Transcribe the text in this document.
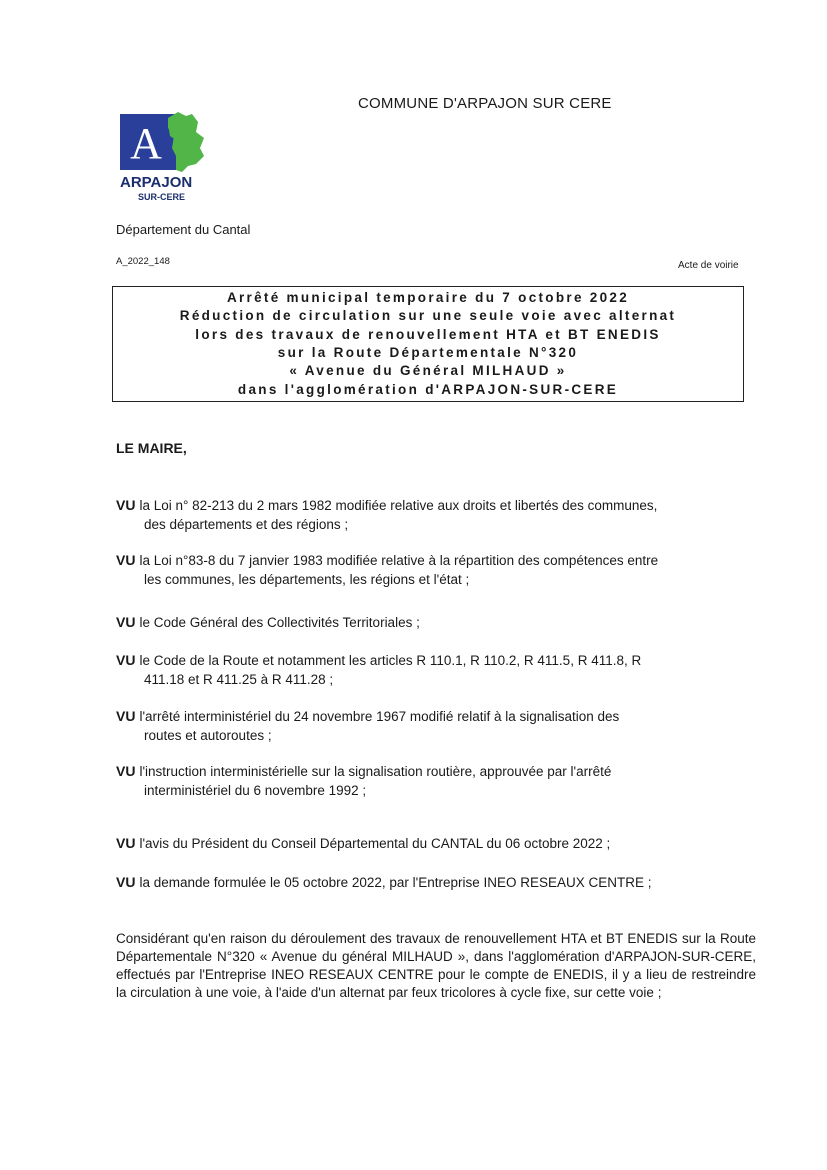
COMMUNE D'ARPAJON SUR CERE
A
ARPAJON
SUR-CERE
Département du Cantal
A_2022_148	Acte de voirie
Arrêté municipal temporaire du 7 octobre 2022
Réduction de circulation sur une seule voie avec alternat
lors des travaux de renouvellement HTA et BT ENEDIS
sur la Route Départementale N°320
« Avenue du Général MILHAUD »
dans l'agglomération d'ARPAJON-SUR-CERE
LE MAIRE,
VU la Loi n° 82-213 du 2 mars 1982 modifiée relative aux droits et libertés des communes,
des départements et des régions ;
VU la Loi n°83-8 du 7 janvier 1983 modifiée relative à la répartition des compétences entre
les communes, les départements, les régions et l'état ;
VU le Code Général des Collectivités Territoriales ;
VU le Code de la Route et notamment les articles R 110.1, R 110.2, R 411.5, R 411.8, R
411.18 et R 411.25 à R 411.28 ;
VU l'arrêté interministériel du 24 novembre 1967 modifié relatif à la signalisation des
routes et autoroutes ;
VU l'instruction interministérielle sur la signalisation routière, approuvée par l'arrêté
interministériel du 6 novembre 1992 ;
VU l'avis du Président du Conseil Départemental du CANTAL du 06 octobre 2022 ;
VU la demande formulée le 05 octobre 2022, par l'Entreprise INEO RESEAUX CENTRE ;
Considérant qu'en raison du déroulement des travaux de renouvellement HTA et BT ENEDIS sur la Route Départementale N°320 « Avenue du général MILHAUD », dans l'agglomération d'ARPAJON-SUR-CERE, effectués par l'Entreprise INEO RESEAUX CENTRE pour le compte de ENEDIS, il y a lieu de restreindre la circulation à une voie, à l'aide d'un alternat par feux tricolores à cycle fixe, sur cette voie ;
